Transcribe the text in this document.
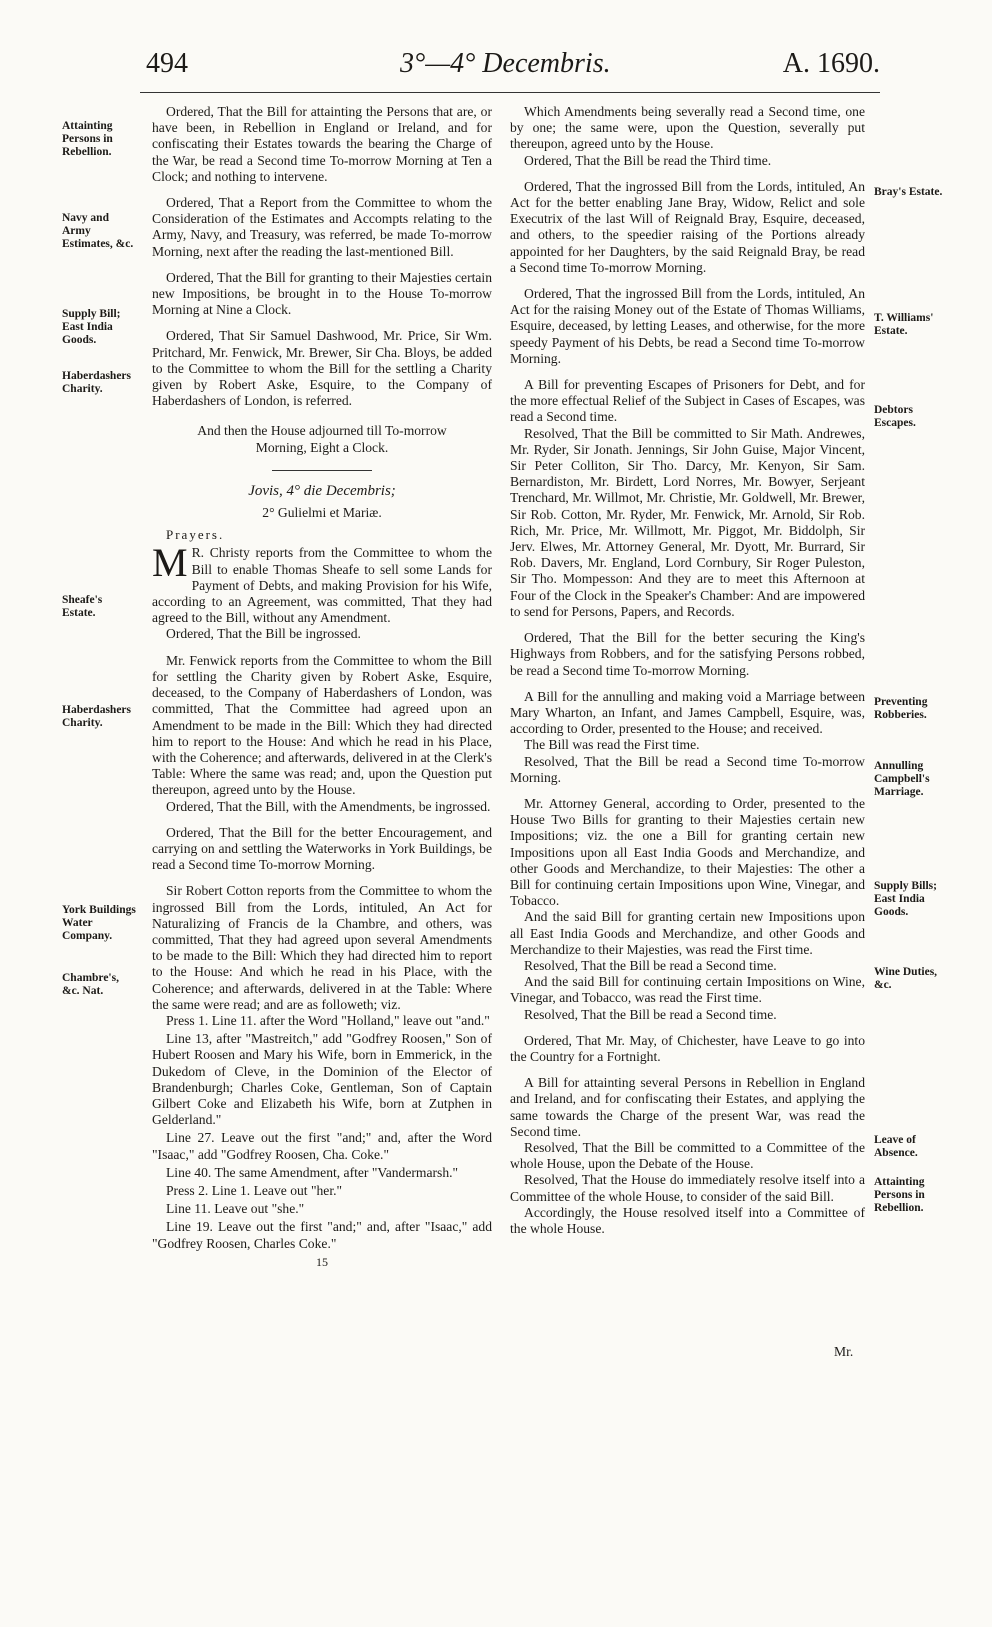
494	3°—4° Decembris.	A. 1690.
Attainting Persons in Rebellion.
Navy and Army Estimates, &c.
Supply Bill; East India Goods.
Haberdashers Charity.
Sheafe's Estate.
Haberdashers Charity.
York Buildings Water Company.
Chambre's, &c. Nat.
Bray's Estate.
T. Williams' Estate.
Debtors Escapes.
Preventing Robberies.
Annulling Campbell's Marriage.
Supply Bills; East India Goods.
Wine Duties, &c.
Leave of Absence.
Attainting Persons in Rebellion.

Ordered, That the Bill for attainting the Persons that are, or have been, in Rebellion in England or Ireland, and for confiscating their Estates towards the bearing the Charge of the War, be read a Second time To-morrow Morning at Ten a Clock; and nothing to intervene.

Ordered, That a Report from the Committee to whom the Consideration of the Estimates and Accompts relating to the Army, Navy, and Treasury, was referred, be made To-morrow Morning, next after the reading the last-mentioned Bill.

Ordered, That the Bill for granting to their Majesties certain new Impositions, be brought in to the House To-morrow Morning at Nine a Clock.

Ordered, That Sir Samuel Dashwood, Mr. Price, Sir Wm. Pritchard, Mr. Fenwick, Mr. Brewer, Sir Cha. Bloys, be added to the Committee to whom the Bill for the settling a Charity given by Robert Aske, Esquire, to the Company of Haberdashers of London, is referred.

And then the House adjourned till To-morrow Morning, Eight a Clock.

Jovis, 4° die Decembris;
2° Gulielmi et Mariæ.
Prayers.

M R. Christy reports from the Committee to whom the Bill to enable Thomas Sheafe to sell some Lands for Payment of Debts, and making Provision for his Wife, according to an Agreement, was committed, That they had agreed to the Bill, without any Amendment.

Ordered, That the Bill be ingrossed.

Mr. Fenwick reports from the Committee to whom the Bill for settling the Charity given by Robert Aske, Esquire, deceased, to the Company of Haberdashers of London, was committed, That the Committee had agreed upon an Amendment to be made in the Bill: Which they had directed him to report to the House: And which he read in his Place, with the Coherence; and afterwards, delivered in at the Clerk's Table: Where the same was read; and, upon the Question put thereupon, agreed unto by the House.

Ordered, That the Bill, with the Amendments, be ingrossed.

Ordered, That the Bill for the better Encouragement, and carrying on and settling the Waterworks in York Buildings, be read a Second time To-morrow Morning.

Sir Robert Cotton reports from the Committee to whom the ingrossed Bill from the Lords, intituled, An Act for Naturalizing of Francis de la Chambre, and others, was committed, That they had agreed upon several Amendments to be made to the Bill: Which they had directed him to report to the House: And which he read in his Place, with the Coherence; and afterwards, delivered in at the Table: Where the same were read; and are as followeth; viz.

Press 1. Line 11. after the Word "Holland," leave out "and."

Line 13, after "Mastreitch," add "Godfrey Roosen," Son of Hubert Roosen and Mary his Wife, born in Emmerick, in the Dukedom of Cleve, in the Dominion of the Elector of Brandenburgh; Charles Coke, Gentleman, Son of Captain Gilbert Coke and Elizabeth his Wife, born at Zutphen in Gelderland."

Line 27. Leave out the first "and;" and, after the Word "Isaac," add "Godfrey Roosen, Cha. Coke."

Line 40. The same Amendment, after "Vandermarsh."

Press 2. Line 1. Leave out "her."

Line 11. Leave out "she."

Line 19. Leave out the first "and;" and, after "Isaac," add "Godfrey Roosen, Charles Coke."

15

Which Amendments being severally read a Second time, one by one; the same were, upon the Question, severally put thereupon, agreed unto by the House.

Ordered, That the Bill be read the Third time.

Ordered, That the ingrossed Bill from the Lords, intituled, An Act for the better enabling Jane Bray, Widow, Relict and sole Executrix of the last Will of Reignald Bray, Esquire, deceased, and others, to the speedier raising of the Portions already appointed for her Daughters, by the said Reignald Bray, be read a Second time To-morrow Morning.

Ordered, That the ingrossed Bill from the Lords, intituled, An Act for the raising Money out of the Estate of Thomas Williams, Esquire, deceased, by letting Leases, and otherwise, for the more speedy Payment of his Debts, be read a Second time To-morrow Morning.

A Bill for preventing Escapes of Prisoners for Debt, and for the more effectual Relief of the Subject in Cases of Escapes, was read a Second time.

Resolved, That the Bill be committed to Sir Math. Andrewes, Mr. Ryder, Sir Jonath. Jennings, Sir John Guise, Major Vincent, Sir Peter Colliton, Sir Tho. Darcy, Mr. Kenyon, Sir Sam. Bernardiston, Mr. Birdett, Lord Norres, Mr. Bowyer, Serjeant Trenchard, Mr. Willmot, Mr. Christie, Mr. Goldwell, Mr. Brewer, Sir Rob. Cotton, Mr. Ryder, Mr. Fenwick, Mr. Arnold, Sir Rob. Rich, Mr. Price, Mr. Willmott, Mr. Piggot, Mr. Biddolph, Sir Jerv. Elwes, Mr. Attorney General, Mr. Dyott, Mr. Burrard, Sir Rob. Davers, Mr. England, Lord Cornbury, Sir Roger Puleston, Sir Tho. Mompesson: And they are to meet this Afternoon at Four of the Clock in the Speaker's Chamber: And are impowered to send for Persons, Papers, and Records.

Ordered, That the Bill for the better securing the King's Highways from Robbers, and for the satisfying Persons robbed, be read a Second time To-morrow Morning.

A Bill for the annulling and making void a Marriage between Mary Wharton, an Infant, and James Campbell, Esquire, was, according to Order, presented to the House; and received.

The Bill was read the First time.

Resolved, That the Bill be read a Second time To-morrow Morning.

Mr. Attorney General, according to Order, presented to the House Two Bills for granting to their Majesties certain new Impositions; viz. the one a Bill for granting certain new Impositions upon all East India Goods and Merchandize, and other Goods and Merchandize, to their Majesties: The other a Bill for continuing certain Impositions upon Wine, Vinegar, and Tobacco.

And the said Bill for granting certain new Impositions upon all East India Goods and Merchandize, and other Goods and Merchandize to their Majesties, was read the First time.

Resolved, That the Bill be read a Second time.

And the said Bill for continuing certain Impositions on Wine, Vinegar, and Tobacco, was read the First time.

Resolved, That the Bill be read a Second time.

Ordered, That Mr. May, of Chichester, have Leave to go into the Country for a Fortnight.

A Bill for attainting several Persons in Rebellion in England and Ireland, and for confiscating their Estates, and applying the same towards the Charge of the present War, was read the Second time.

Resolved, That the Bill be committed to a Committee of the whole House, upon the Debate of the House.

Resolved, That the House do immediately resolve itself into a Committee of the whole House, to consider of the said Bill.

Accordingly, the House resolved itself into a Committee of the whole House.

Mr.
